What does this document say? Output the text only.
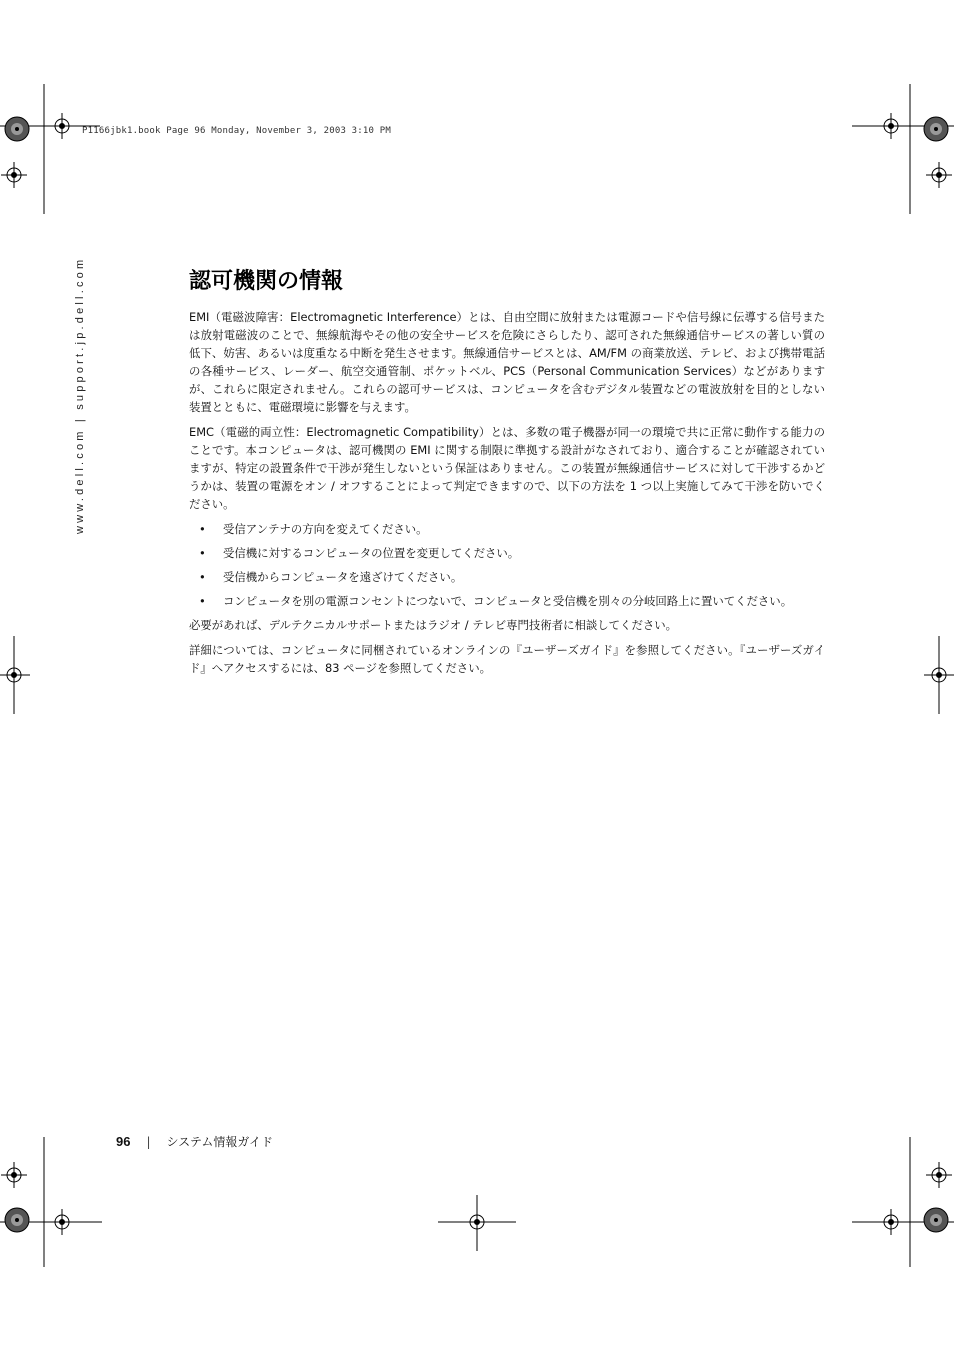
P1166jbk1.book Page 96 Monday, November 3, 2003 3:10 PM
www.dell.com | support.jp.dell.com	認可機関の情報

EMI（電磁波障害：Electromagnetic Interference）とは、自由空間に放射または電源コードや信号線に伝導する信号または放射電磁波のことで、無線航海やその他の安全サービスを危険にさらしたり、認可された無線通信サービスの著しい質の低下、妨害、あるいは度重なる中断を発生させます。無線通信サービスとは、AM/FM の商業放送、テレビ、および携帯電話の各種サービス、レーダー、航空交通管制、ポケットベル、PCS（Personal Communication Services）などがありますが、これらに限定されません。これらの認可サービスは、コンピュータを含むデジタル装置などの電波放射を目的としない装置とともに、電磁環境に影響を与えます。

EMC（電磁的両立性：Electromagnetic Compatibility）とは、多数の電子機器が同一の環境で共に正常に動作する能力のことです。本コンピュータは、認可機関の EMI に関する制限に準拠する設計がなされており、適合することが確認されていますが、特定の設置条件で干渉が発生しないという保証はありません。この装置が無線通信サービスに対して干渉するかどうかは、装置の電源をオン / オフすることによって判定できますので、以下の方法を 1 つ以上実施してみて干渉を防いでください。

• 受信アンテナの方向を変えてください。
• 受信機に対するコンピュータの位置を変更してください。
• 受信機からコンピュータを遠ざけてください。
• コンピュータを別の電源コンセントにつないで、コンピュータと受信機を別々の分岐回路上に置いてください。

必要があれば、デルテクニカルサポートまたはラジオ / テレビ専門技術者に相談してください。

詳細については、コンピュータに同梱されているオンラインの『ユーザーズガイド』を参照してください。『ユーザーズガイド』へアクセスするには、83 ページを参照してください。

96 | システム情報ガイド
